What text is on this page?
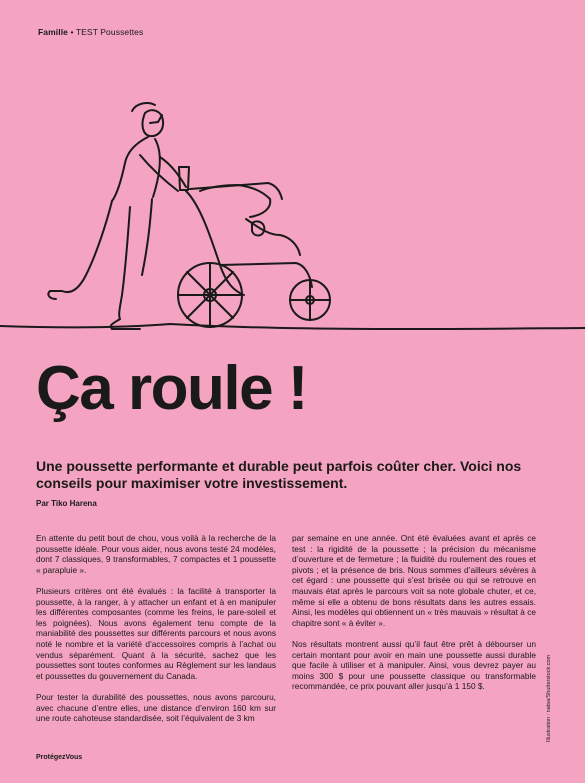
Famille • TEST Poussettes
Ça roule !

Une poussette performante et durable peut parfois coûter cher. Voici nos conseils pour maximiser votre investissement.

Par Tiko Harena

En attente du petit bout de chou, vous voilà à la recherche de la poussette idéale. Pour vous aider, nous avons testé 24 modèles, dont 7 classiques, 9 transformables, 7 compactes et 1 poussette « parapluie ».

Plusieurs critères ont été évalués : la facilité à transporter la poussette, à la ranger, à y attacher un enfant et à en manipuler les différentes composantes (comme les freins, le pare-soleil et les poignées). Nous avons également tenu compte de la maniabilité des poussettes sur différents parcours et nous avons noté le nombre et la variété d’accessoires compris à l’achat ou vendus séparément. Quant à la sécurité, sachez que les poussettes sont toutes conformes au Règlement sur les landaus et poussettes du gouvernement du Canada.

Pour tester la durabilité des poussettes, nous avons parcouru, avec chacune d’entre elles, une distance d’environ 160 km sur une route cahoteuse standardisée, soit l’équivalent de 3 km

par semaine en une année. Ont été évaluées avant et après ce test : la rigidité de la poussette ; la précision du mécanisme d’ouverture et de fermeture ; la fluidité du roulement des roues et pivots ; et la présence de bris. Nous sommes d’ailleurs sévères à cet égard : une poussette qui s’est brisée ou qui se retrouve en mauvais état après le parcours voit sa note globale chuter, et ce, même si elle a obtenu de bons résultats dans les autres essais. Ainsi, les modèles qui obtiennent un « très mauvais » résultat à ce chapitre sont « à éviter ».

Nos résultats montrent aussi qu’il faut être prêt à débourser un certain montant pour avoir en main une poussette aussi durable que facile à utiliser et à manipuler. Ainsi, vous devrez payer au moins 300 $ pour une poussette classique ou transformable recommandée, ce prix pouvant aller jusqu’à 1 150 $.	Illustration : natsa/Shutterstock.com
ProtégezVous
